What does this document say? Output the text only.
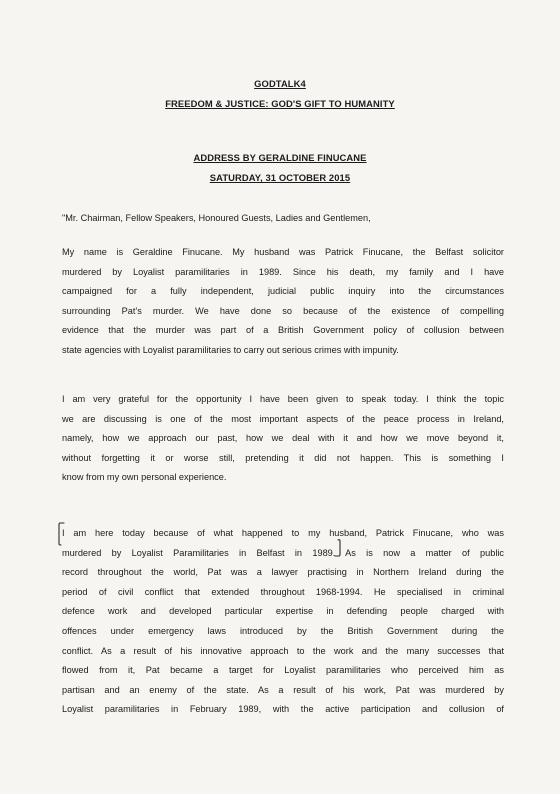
GODTALK4
FREEDOM & JUSTICE: GOD'S GIFT TO HUMANITY
ADDRESS BY GERALDINE FINUCANE
SATURDAY, 31 OCTOBER 2015
"Mr. Chairman, Fellow Speakers, Honoured Guests, Ladies and Gentlemen,
My name is Geraldine Finucane. My husband was Patrick Finucane, the Belfast solicitor
murdered by Loyalist paramilitaries in 1989. Since his death, my family and I have
campaigned for a fully independent, judicial public inquiry into the circumstances
surrounding Pat’s murder. We have done so because of the existence of compelling
evidence that the murder was part of a British Government policy of collusion between
state agencies with Loyalist paramilitaries to carry out serious crimes with impunity.
I am very grateful for the opportunity I have been given to speak today. I think the topic
we are discussing is one of the most important aspects of the peace process in Ireland,
namely, how we approach our past, how we deal with it and how we move beyond it,
without forgetting it or worse still, pretending it did not happen. This is something I
know from my own personal experience.
I am here today because of what happened to my husband, Patrick Finucane, who was
murdered by Loyalist Paramilitaries in Belfast in 1989. As is now a matter of public
record throughout the world, Pat was a lawyer practising in Northern Ireland during the
period of civil conflict that extended throughout 1968-1994. He specialised in criminal
defence work and developed particular expertise in defending people charged with
offences under emergency laws introduced by the British Government during the
conflict. As a result of his innovative approach to the work and the many successes that
flowed from it, Pat became a target for Loyalist paramilitaries who perceived him as
partisan and an enemy of the state. As a result of his work, Pat was murdered by
Loyalist paramilitaries in February 1989, with the active participation and collusion of
